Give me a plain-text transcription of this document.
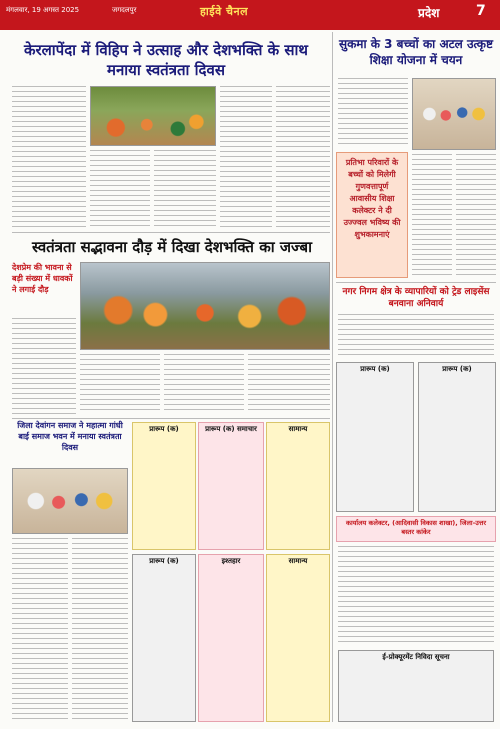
मंगलवार, 19 अगस्त 2025	जगदलपुर	हाईवे चैनल	प्रदेश	7
केरलापेंदा में विहिप ने उत्साह और देशभक्ति के साथ मनाया स्वतंत्रता दिवस
स्वतंत्रता सद्भावना दौड़ में दिखा देशभक्ति का जज्बा
देशप्रेम की भावना से बड़ी संख्या में धावकों ने लगाई दौड़
जिला देवांगन समाज ने महात्मा गांधी बाई समाज भवन में मनाया स्वतंत्रता दिवस
प्रारूप (क)	प्रारूप (क) समाचार	सामान्य
प्रारूप (क)	इश्तहार	सामान्य
सुकमा के 3 बच्चों का अटल उत्कृष्ट शिक्षा योजना में चयन
प्रतिभा परिवारों के बच्चों को मिलेगी गुणवत्तापूर्ण आवासीय शिक्षा कलेक्टर ने दी उज्ज्वल भविष्य की शुभकामनाएं
नगर निगम क्षेत्र के व्यापारियों को ट्रेड लाइसेंस बनवाना अनिवार्य
प्रारूप (क)	प्रारूप (क)
कार्यालय कलेक्टर, (आदिवासी विकास शाखा), जिला-उत्तर बस्तर कांकेर
ई-प्रोक्यूरमेंट निविदा सूचना
